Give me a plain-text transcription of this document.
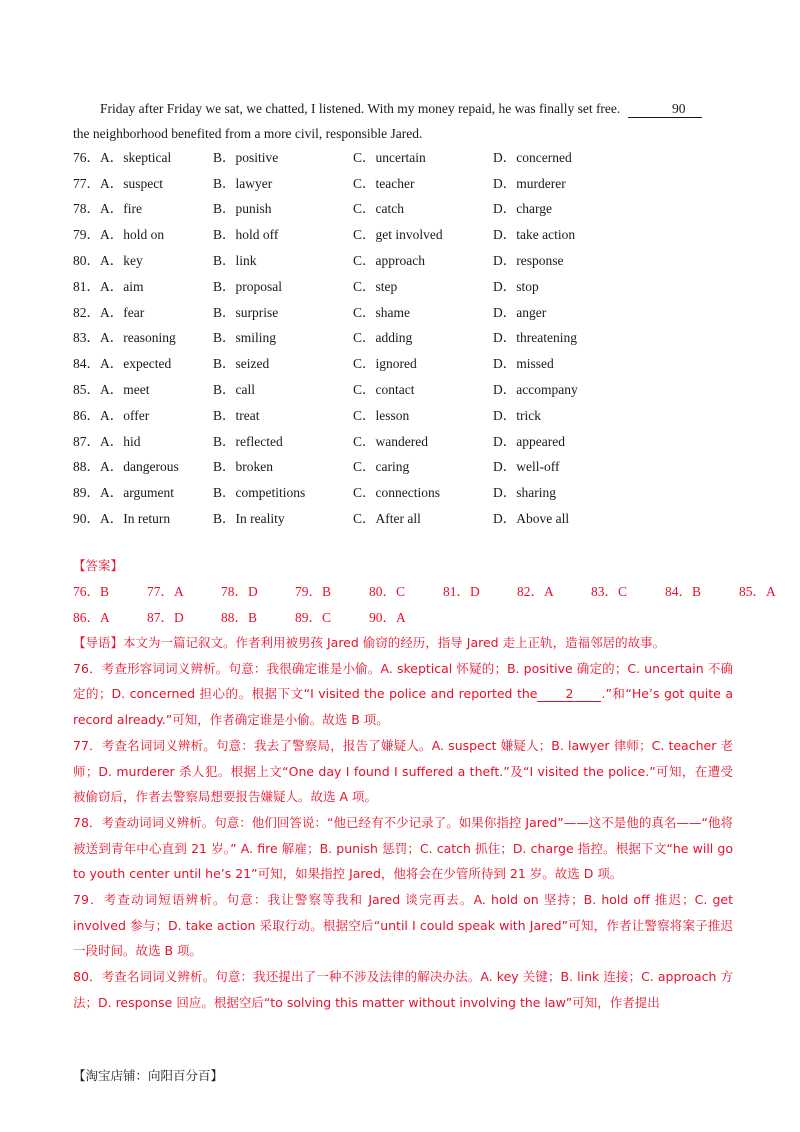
Friday after Friday we sat, we chatted, I listened. With my money repaid, he was finally set free.	90
the neighborhood benefited from a more civil, responsible Jared.
76．A．skeptical	B．positive	C．uncertain	D．concerned
77．A．suspect	B．lawyer	C．teacher	D．murderer
78．A．fire	B．punish	C．catch	D．charge
79．A．hold on	B．hold off	C．get involved	D．take action
80．A．key	B．link	C．approach	D．response
81．A．aim	B．proposal	C．step	D．stop
82．A．fear	B．surprise	C．shame	D．anger
83．A．reasoning	B．smiling	C．adding	D．threatening
84．A．expected	B．seized	C．ignored	D．missed
85．A．meet	B．call	C．contact	D．accompany
86．A．offer	B．treat	C．lesson	D．trick
87．A．hid	B．reflected	C．wandered	D．appeared
88．A．dangerous	B．broken	C．caring	D．well-off
89．A．argument	B．competitions	C．connections	D．sharing
90．A．In return	B．In reality	C．After all	D．Above all
【答案】
76．B	77．A	78．D	79．B	80．C	81．D	82．A	83．C	84．B	85．A
86．A	87．D	88．B	89．C	90．A

【导语】本文为一篇记叙文。作者利用被男孩 Jared 偷窃的经历，指导 Jared 走上正轨，造福邻居的故事。

76．考查形容词词义辨析。句意：我很确定谁是小偷。A. skeptical 怀疑的；B. positive 确定的；C. uncertain 不确定的；D. concerned 担心的。根据下文“I visited the police and reported the 2 .”和“He’s got quite a record already.”可知，作者确定谁是小偷。故选 B 项。

77．考查名词词义辨析。句意：我去了警察局，报告了嫌疑人。A. suspect 嫌疑人；B. lawyer 律师；C. teacher 老师；D. murderer 杀人犯。根据上文“One day I found I suffered a theft.”及“I visited the police.”可知，在遭受被偷窃后，作者去警察局想要报告嫌疑人。故选 A 项。

78．考查动词词义辨析。句意：他们回答说：“他已经有不少记录了。如果你指控 Jared”——这不是他的真名——“他将被送到青年中心直到 21 岁。” A. fire 解雇；B. punish 惩罚；C. catch 抓住；D. charge 指控。根据下文“he will go to youth center until he’s 21”可知，如果指控 Jared，他将会在少管所待到 21 岁。故选 D 项。

79．考查动词短语辨析。句意：我让警察等我和 Jared 谈完再去。A. hold on 坚持；B. hold off 推迟；C. get involved 参与；D. take action 采取行动。根据空后“until I could speak with Jared”可知，作者让警察将案子推迟一段时间。故选 B 项。

80．考查名词词义辨析。句意：我还提出了一种不涉及法律的解决办法。A. key 关键；B. link 连接；C. approach 方法；D. response 回应。根据空后“to solving this matter without involving the law”可知，作者提出

【淘宝店铺：向阳百分百】
